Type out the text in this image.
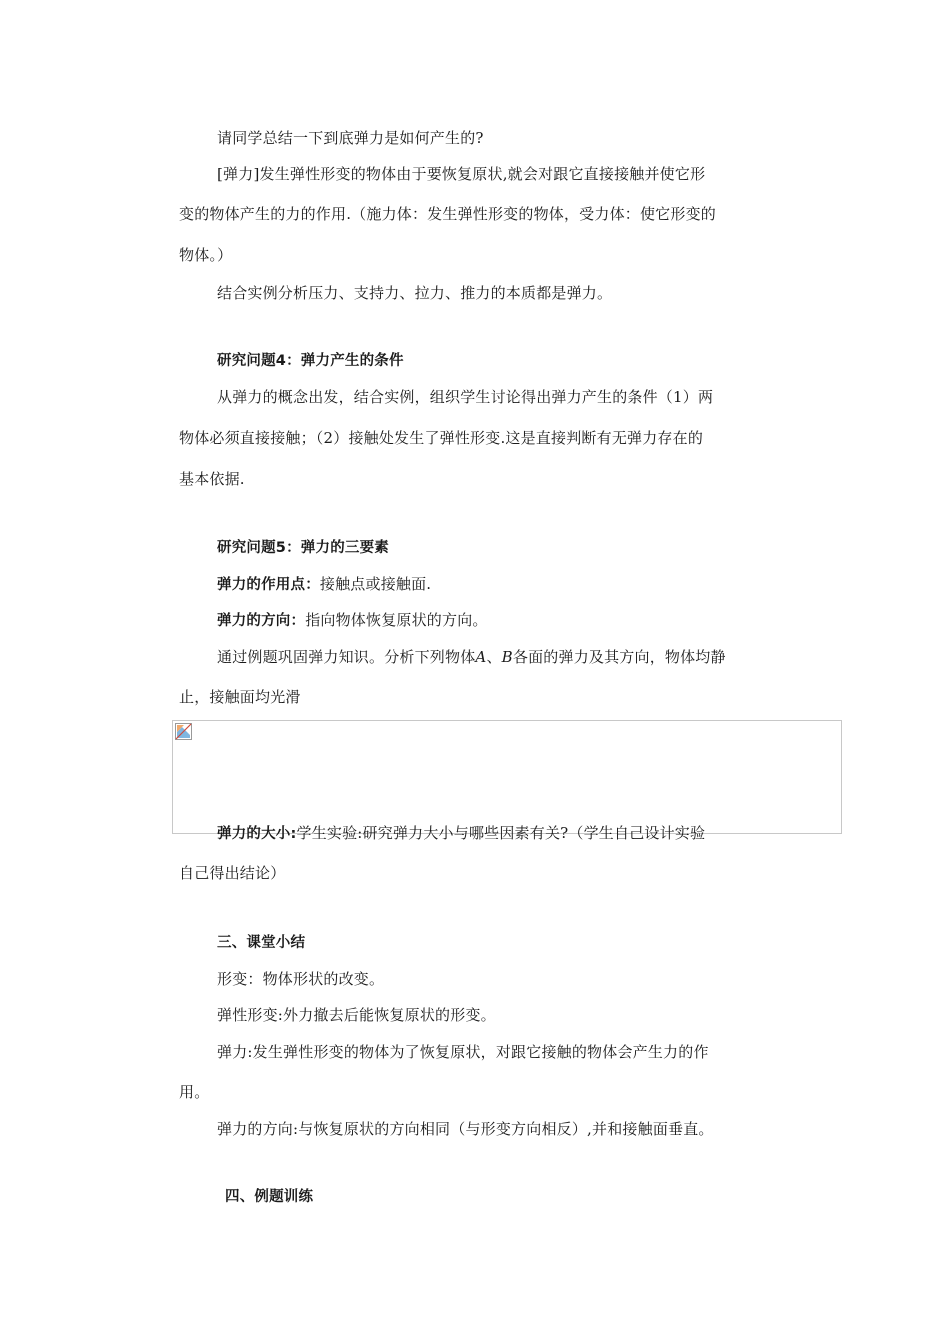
请同学总结一下到底弹力是如何产生的?
[弹力]发生弹性形变的物体由于要恢复原状,就会对跟它直接接触并使它形
变的物体产生的力的作用.（施力体：发生弹性形变的物体，受力体：使它形变的
物体。）
结合实例分析压力、支持力、拉力、推力的本质都是弹力。
研究问题4：弹力产生的条件
从弹力的概念出发，结合实例，组织学生讨论得出弹力产生的条件（1）两
物体必须直接接触；（2）接触处发生了弹性形变.这是直接判断有无弹力存在的
基本依据.
研究问题5：弹力的三要素
弹力的作用点：接触点或接触面.
弹力的方向：指向物体恢复原状的方向。
通过例题巩固弹力知识。分析下列物体A、B各面的弹力及其方向，物体均静
止，接触面均光滑
弹力的大小:学生实验:研究弹力大小与哪些因素有关?（学生自己设计实验
自己得出结论）
三、课堂小结
形变：物体形状的改变。
弹性形变:外力撤去后能恢复原状的形变。
弹力:发生弹性形变的物体为了恢复原状，对跟它接触的物体会产生力的作
用。
弹力的方向:与恢复原状的方向相同（与形变方向相反）,并和接触面垂直。
四、例题训练
